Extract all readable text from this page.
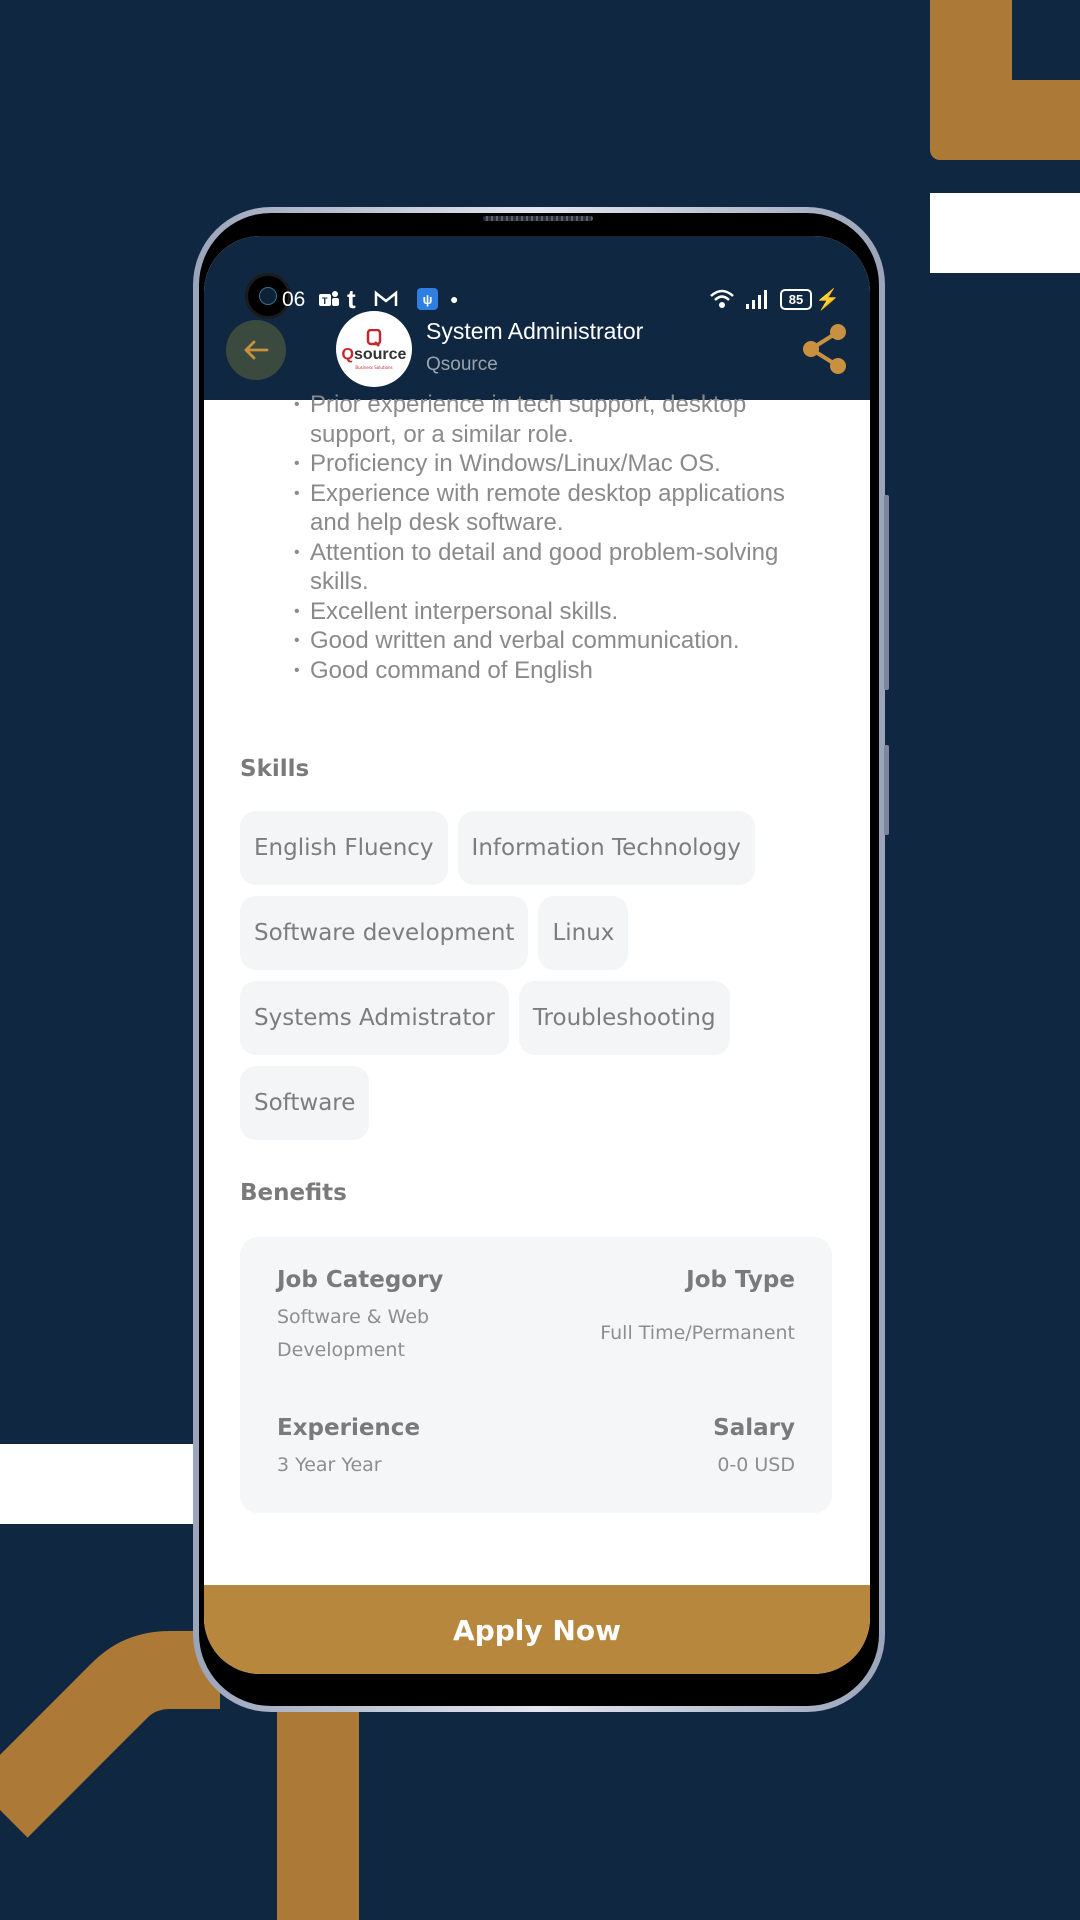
06 T t	ψ	●	85 ⚡
Qsource
Business Solutions
System Administrator
Qsource
• Prior experience in tech support, desktop support, or a similar role.
• Proficiency in Windows/Linux/Mac OS.
• Experience with remote desktop applications and help desk software.
• Attention to detail and good problem-solving skills.
• Excellent interpersonal skills.
• Good written and verbal communication.
• Good command of English
Skills
English Fluency	Information Technology
Software development	Linux
Systems Admistrator	Troubleshooting
Software
Benefits
Job Category
Software & Web Development
Job Type
Full Time/Permanent
Experience
3 Year Year
Salary
0-0 USD
Apply Now
